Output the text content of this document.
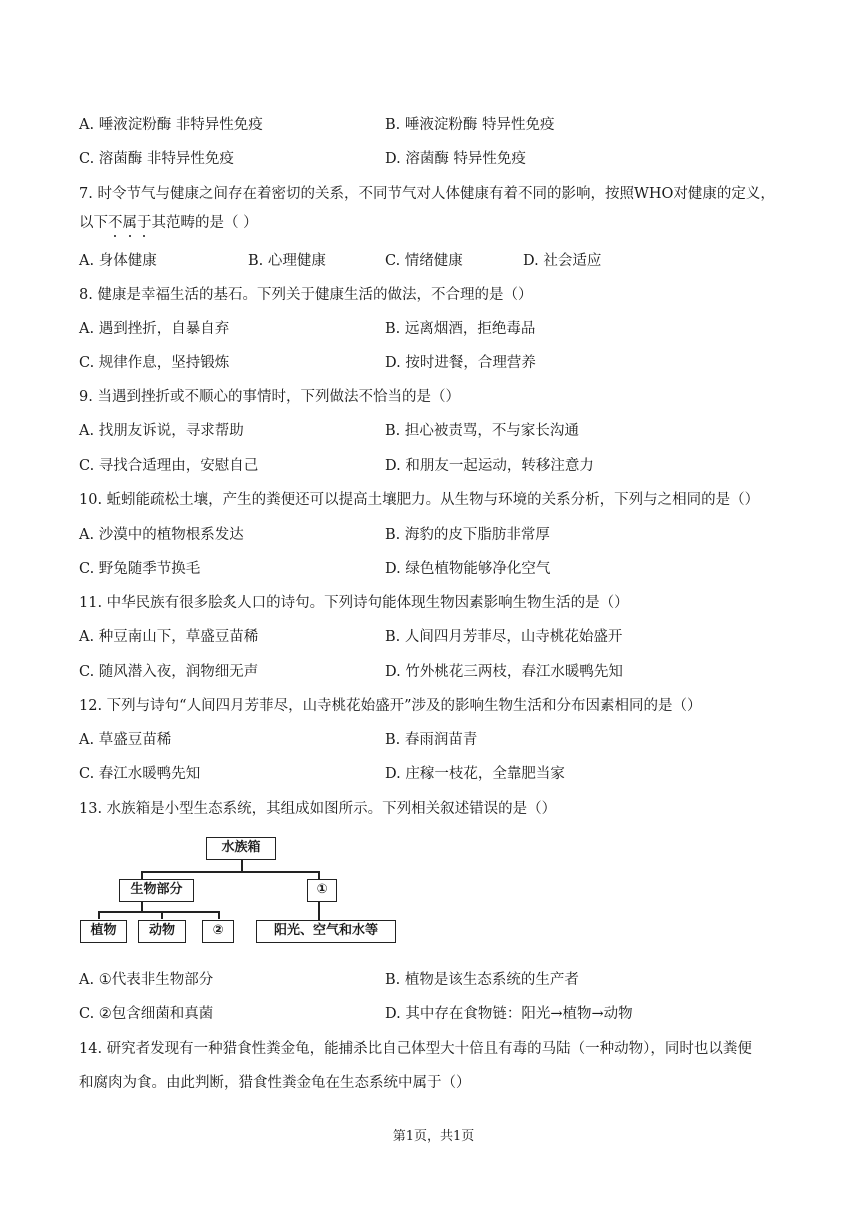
A. 唾液淀粉酶 非特异性免疫	B. 唾液淀粉酶 特异性免疫
C. 溶菌酶 非特异性免疫	D. 溶菌酶 特异性免疫
7. 时令节气与健康之间存在着密切的关系，不同节气对人体健康有着不同的影响，按照WHO对健康的定义，
以下不属于其范畴的是（ ）
A. 身体健康	B. 心理健康	C. 情绪健康	D. 社会适应
8. 健康是幸福生活的基石。下列关于健康生活的做法，不合理的是（）
A. 遇到挫折，自暴自弃	B. 远离烟酒，拒绝毒品
C. 规律作息，坚持锻炼	D. 按时进餐，合理营养
9. 当遇到挫折或不顺心的事情时，下列做法不恰当的是（）
A. 找朋友诉说，寻求帮助	B. 担心被责骂，不与家长沟通
C. 寻找合适理由，安慰自己	D. 和朋友一起运动，转移注意力
10. 蚯蚓能疏松土壤，产生的粪便还可以提高土壤肥力。从生物与环境的关系分析，下列与之相同的是（）
A. 沙漠中的植物根系发达	B. 海豹的皮下脂肪非常厚
C. 野兔随季节换毛	D. 绿色植物能够净化空气
11. 中华民族有很多脍炙人口的诗句。下列诗句能体现生物因素影响生物生活的是（）
A. 种豆南山下，草盛豆苗稀	B. 人间四月芳菲尽，山寺桃花始盛开
C. 随风潜入夜，润物细无声	D. 竹外桃花三两枝，春江水暖鸭先知
12. 下列与诗句“人间四月芳菲尽，山寺桃花始盛开”涉及的影响生物生活和分布因素相同的是（）
A. 草盛豆苗稀	B. 春雨润苗青
C. 春江水暖鸭先知	D. 庄稼一枝花，全靠肥当家
13. 水族箱是小型生态系统，其组成如图所示。下列相关叙述错误的是（）
水族箱
生物部分	①
植物	动物	②	阳光、空气和水等
A. ①代表非生物部分	B. 植物是该生态系统的生产者
C. ②包含细菌和真菌	D. 其中存在食物链：阳光→植物→动物
14. 研究者发现有一种猎食性粪金龟，能捕杀比自己体型大十倍且有毒的马陆（一种动物），同时也以粪便
和腐肉为食。由此判断，猎食性粪金龟在生态系统中属于（）
第1页，共1页
